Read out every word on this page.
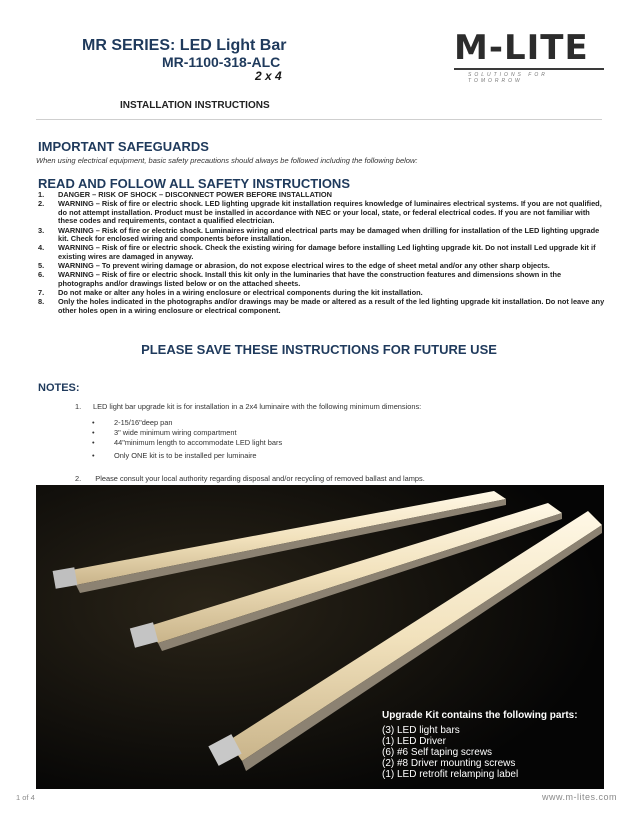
MR SERIES: LED Light Bar
MR-1100-318-ALC
2 x 4
INSTALLATION INSTRUCTIONS
M-LITE
SOLUTIONS FOR TOMORROW
IMPORTANT SAFEGUARDS
When using electrical equipment, basic safety precautions should always be followed including the following below:
READ AND FOLLOW ALL SAFETY INSTRUCTIONS
1.	DANGER – RISK OF SHOCK – DISCONNECT POWER BEFORE INSTALLATION
2.	WARNING – Risk of fire or electric shock. LED lighting upgrade kit installation requires knowledge of luminaires electrical systems. If you are not qualified, do not attempt installation. Product must be installed in accordance with NEC or your local, state, or federal electrical codes. If you are not familiar with these codes and requirements, contact a qualified electrician.
3.	WARNING – Risk of fire or electric shock. Luminaires wiring and electrical parts may be damaged when drilling for installation of the LED lighting upgrade kit. Check for enclosed wiring and components before installation.
4.	WARNING – Risk of fire or electric shock. Check the existing wiring for damage before installing Led lighting upgrade kit. Do not install Led upgrade kit if existing wires are damaged in anyway.
5.	WARNING – To prevent wiring damage or abrasion, do not expose electrical wires to the edge of sheet metal and/or any other sharp objects.
6.	WARNING – Risk of fire or electric shock. Install this kit only in the luminaries that have the construction features and dimensions shown in the photographs and/or drawings listed below or on the attached sheets.
7.	Do not make or alter any holes in a wiring enclosure or electrical components during the kit installation.
8.	Only the holes indicated in the photographs and/or drawings may be made or altered as a result of the led lighting upgrade kit installation. Do not leave any other holes open in a wiring enclosure or electrical component.
PLEASE SAVE THESE INSTRUCTIONS FOR FUTURE USE
NOTES:
1. LED light bar upgrade kit is for installation in a 2x4 luminaire with the following minimum dimensions:
•	2-15/16"deep pan
•	3" wide minimum wiring compartment
•	44"minimum length to accommodate LED light bars
•	Only ONE kit is to be installed per luminaire
2. Please consult your local authority regarding disposal and/or recycling of removed ballast and lamps.
Upgrade Kit contains the following parts:
(3) LED light bars
(1) LED Driver
(6) #6 Self taping screws
(2) #8 Driver mounting screws
(1) LED retrofit relamping label
1 of 4	www.m-lites.com
